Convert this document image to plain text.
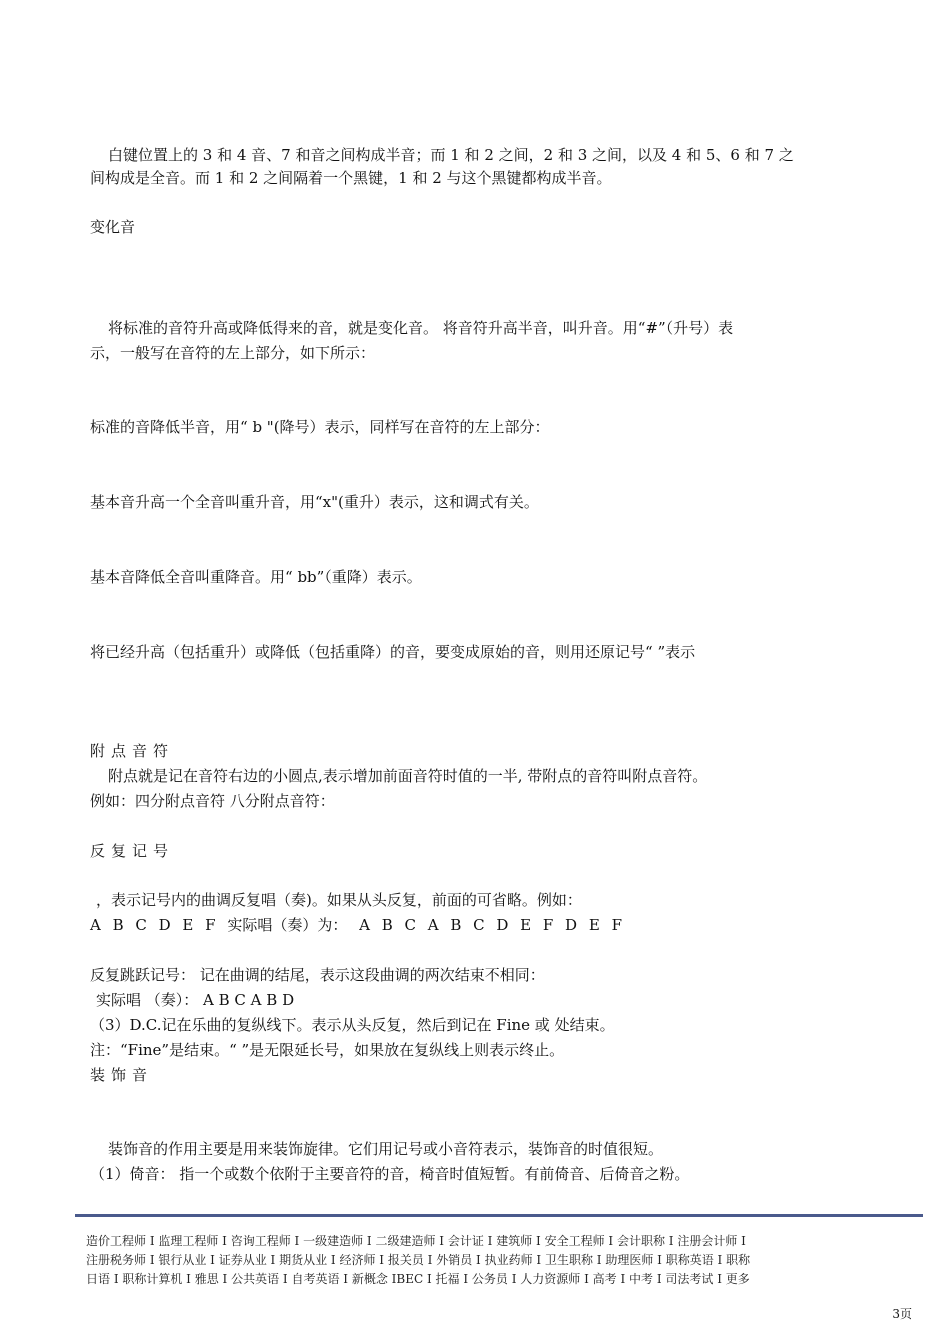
白键位置上的 3 和 4 音、7 和音之间构成半音；而 1 和 2 之间，2 和 3 之间，以及 4 和 5、6 和 7 之
间构成是全音。而 1 和 2 之间隔着一个黑键，1 和 2 与这个黑键都构成半音。
变化音
将标准的音符升高或降低得来的音，就是变化音。 将音符升高半音，叫升音。用“#”（升号）表
示，一般写在音符的左上部分，如下所示：
标准的音降低半音，用“ b "(降号）表示，同样写在音符的左上部分：
基本音升高一个全音叫重升音，用“x"(重升）表示，这和调式有关。
基本音降低全音叫重降音。用“ bb”（重降）表示。
将已经升高（包括重升）或降低（包括重降）的音，要变成原始的音，则用还原记号“ ”表示
附点音符
附点就是记在音符右边的小圆点,表示增加前面音符时值的一半, 带附点的音符叫附点音符。
例如：四分附点音符 八分附点音符：
反复记号
，表示记号内的曲调反复唱（奏)。如果从头反复，前面的可省略。例如：
A B C D E F 实际唱（奏）为： A B C A B C D E F D E F
反复跳跃记号： 记在曲调的结尾，表示这段曲调的两次结束不相同：
实际唱 （奏）： A B C A B D
（3）D.C.记在乐曲的复纵线下。表示从头反复，然后到记在 Fine 或 处结束。
注：“Fine”是结束。“ ”是无限延长号，如果放在复纵线上则表示终止。
装饰音
装饰音的作用主要是用来装饰旋律。它们用记号或小音符表示，装饰音的时值很短。
（1）倚音： 指一个或数个依附于主要音符的音，椅音时值短暂。有前倚音、后倚音之粉。
造价工程师 I 监理工程师 I 咨询工程师 I 一级建造师 I 二级建造师 I 会计证 I 建筑师 I 安全工程师 I 会计职称 I 注册会计师 I
注册税务师 I 银行从业 I 证券从业 I 期货从业 I 经济师 I 报关员 I 外销员 I 执业药师 I 卫生职称 I 助理医师 I 职称英语 I 职称
日语 I 职称计算机 I 雅思 I 公共英语 I 自考英语 I 新概念 IBEC I 托福 I 公务员 I 人力资源师 I 高考 I 中考 I 司法考试 I 更多
3页
